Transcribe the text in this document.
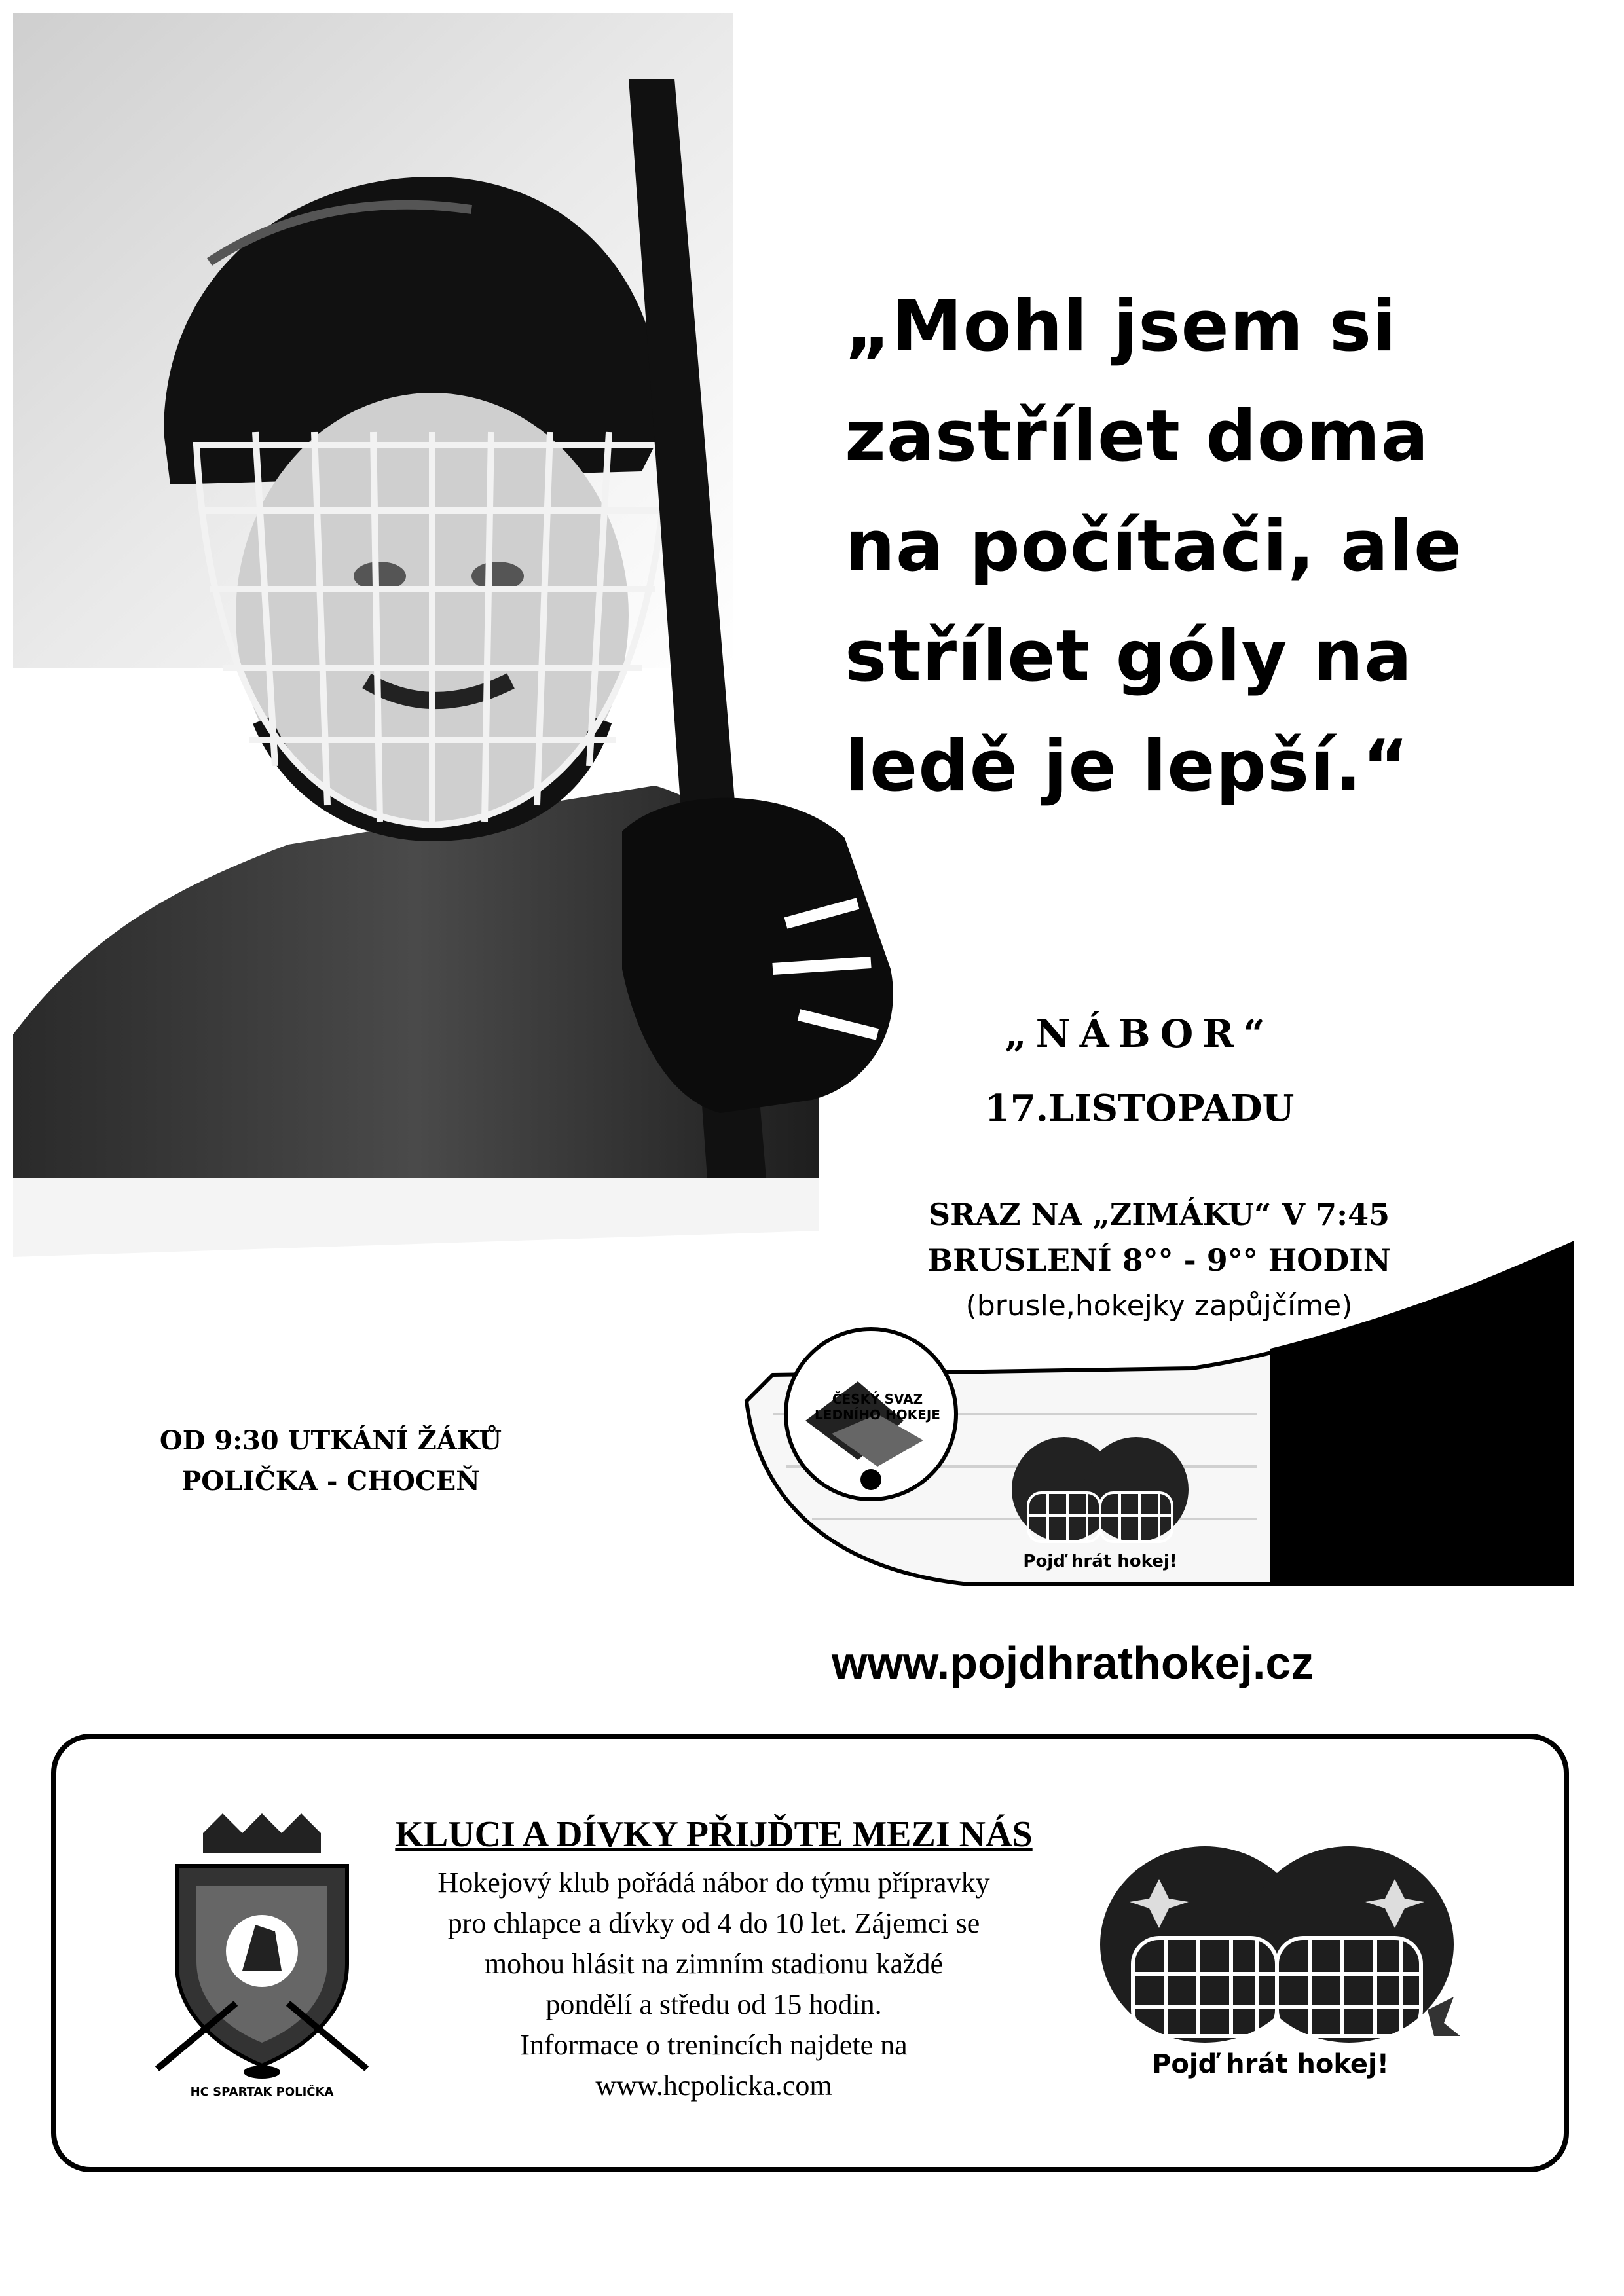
„Mohl jsem si
zastřílet doma
na počítači, ale
střílet góly na
ledě je lepší.“
„NÁBOR“
17.LISTOPADU
SRAZ NA „ZIMÁKU“ V 7:45
BRUSLENÍ 8°° - 9°° HODIN
(brusle,hokejky zapůjčíme)
OD 9:30 UTKÁNÍ ŽÁKŮ
POLIČKA - CHOCEŇ
ČESKÝ SVAZ LEDNÍHO HOKEJE
Pojď hrát hokej!
www.pojdhrathokej.cz
HC SPARTAK POLIČKA
KLUCI A DÍVKY PŘIJĎTE MEZI NÁS
Hokejový klub pořádá nábor do týmu přípravky
pro chlapce a dívky od 4 do 10 let. Zájemci se
mohou hlásit na zimním stadionu každé
pondělí a středu od 15 hodin.
Informace o trenincích najdete na
www.hcpolicka.com
Pojď hrát hokej!
